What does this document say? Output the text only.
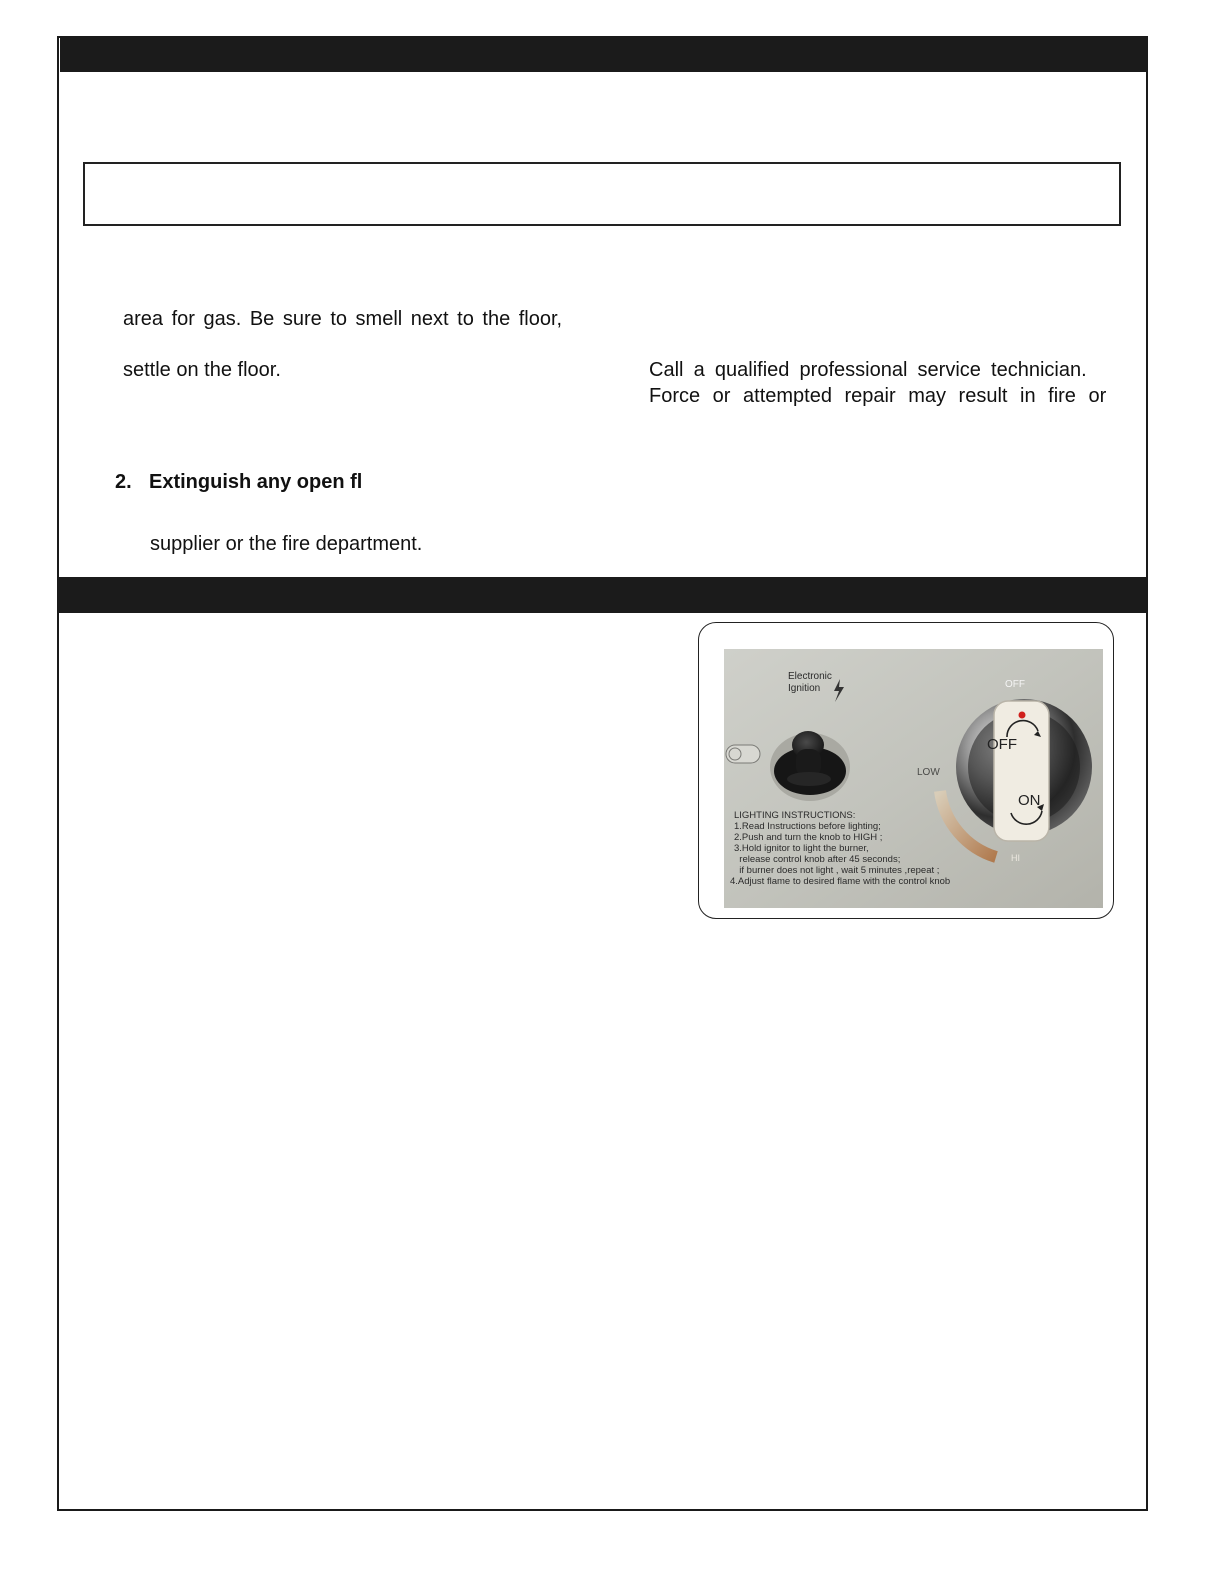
area for gas. Be sure to smell next to the floor,
settle on the floor.	Call a qualified professional service technician.
Force or attempted repair may result in fire or
2. Extinguish any open fl
supplier or the fire department.
Electronic
Ignition	OFF
LOW
HI
OFF
ON
LIGHTING INSTRUCTIONS:
1.Read Instructions before lighting;
2.Push and turn the knob to HIGH ;
3.Hold ignitor to light the burner,
release control knob after 45 seconds;
if burner does not light , wait 5 minutes ,repeat ;
4.Adjust flame to desired flame with the control knob
